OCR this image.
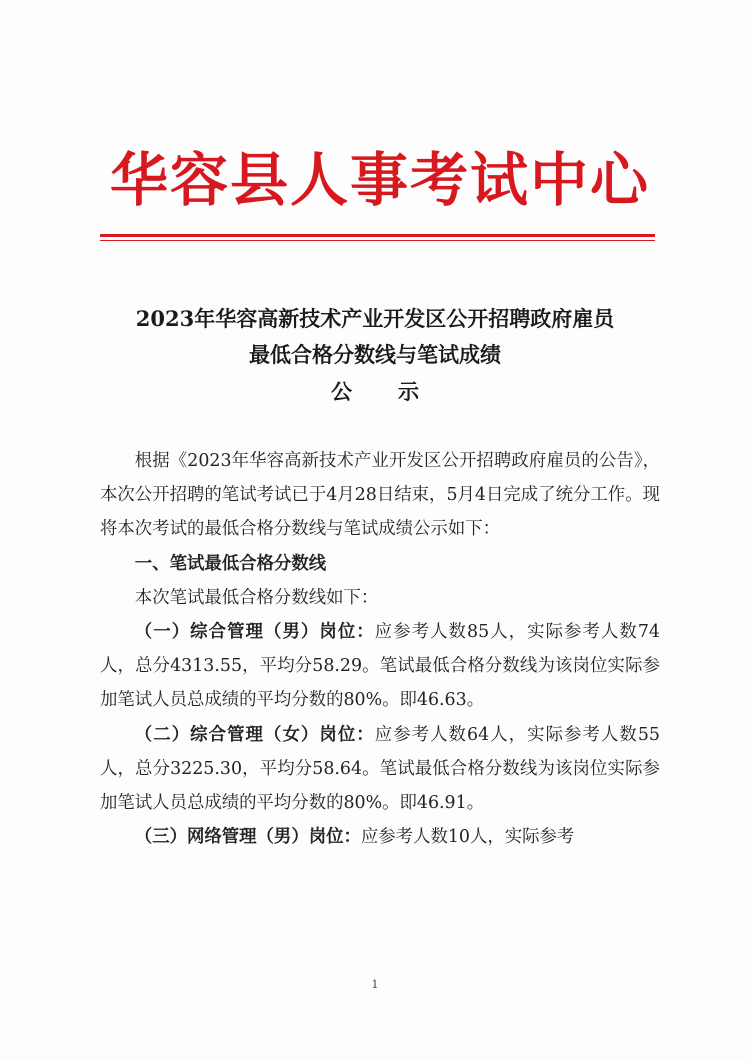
华容县人事考试中心
2023年华容高新技术产业开发区公开招聘政府雇员
最低合格分数线与笔试成绩
公示

根据《2023年华容高新技术产业开发区公开招聘政府雇员的公告》，本次公开招聘的笔试考试已于4月28日结束，5月4日完成了统分工作。现将本次考试的最低合格分数线与笔试成绩公示如下：

一、笔试最低合格分数线

本次笔试最低合格分数线如下：

（一）综合管理（男）岗位：应参考人数85人，实际参考人数74人，总分4313.55，平均分58.29。笔试最低合格分数线为该岗位实际参加笔试人员总成绩的平均分数的80%。即46.63。

（二）综合管理（女）岗位：应参考人数64人，实际参考人数55人，总分3225.30，平均分58.64。笔试最低合格分数线为该岗位实际参加笔试人员总成绩的平均分数的80%。即46.91。

（三）网络管理（男）岗位：应参考人数10人，实际参考

1
